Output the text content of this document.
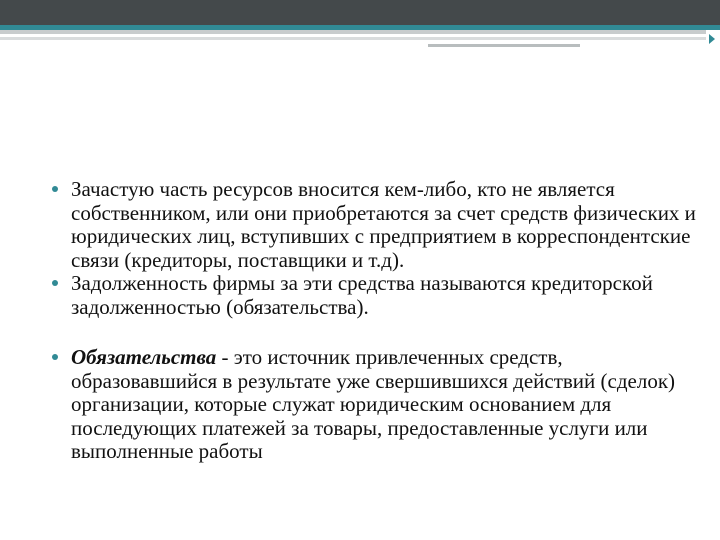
Зачастую часть ресурсов вносится кем-либо, кто не является собственником, или они приобретаются за счет средств физических и юридических лиц, вступивших с предприятием в корреспондентские связи (кредиторы, поставщики и т.д).

Задолженность фирмы за эти средства называются кредиторской задолженностью (обязательства).

Обязательства - это источник привлеченных средств, образовавшийся в результате уже свершившихся действий (сделок) организации, которые служат юридическим основанием для последующих платежей за товары, предоставленные услуги или выполненные работы
